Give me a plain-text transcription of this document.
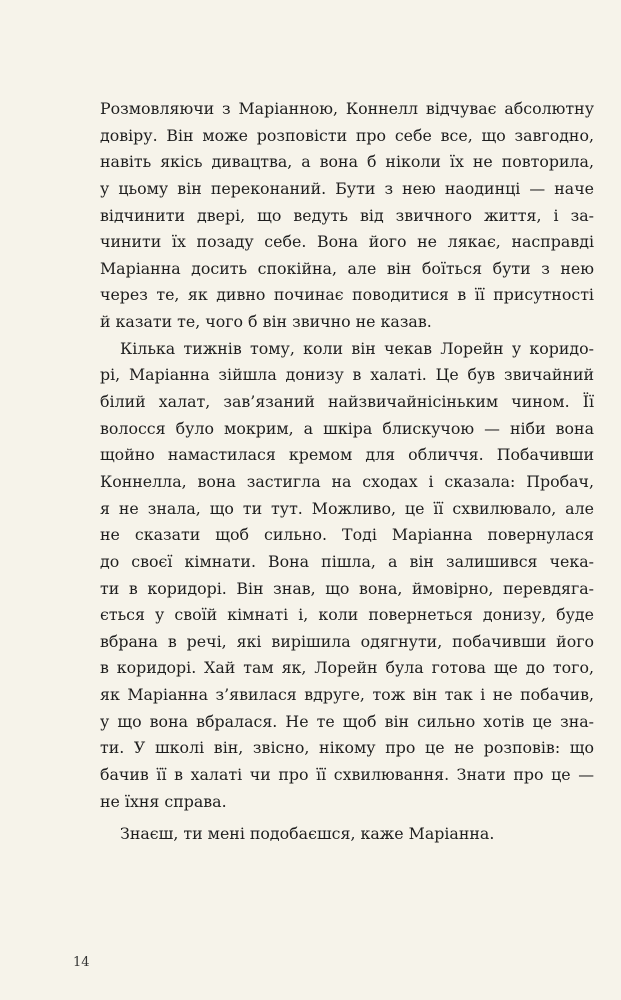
Розмовляючи з Маріанною, Коннелл відчуває абсолютну
довіру. Він може розповісти про себе все, що завгодно,
навіть якісь дивацтва, а вона б ніколи їх не повторила,
у цьому він переконаний. Бути з нею наодинці — наче
відчинити двері, що ведуть від звичного життя, і за-
чинити їх позаду себе. Вона його не лякає, насправді
Маріанна досить спокійна, але він боїться бути з нею
через те, як дивно починає поводитися в її присутності
й казати те, чого б він звично не казав.
Кілька тижнів тому, коли він чекав Лорейн у коридо-
рі, Маріанна зійшла донизу в халаті. Це був звичайний
білий халат, зав’язаний найзвичайнісіньким чином. Її
волосся було мокрим, а шкіра блискучою — ніби вона
щойно намастилася кремом для обличчя. Побачивши
Коннелла, вона застигла на сходах і сказала: Пробач,
я не знала, що ти тут. Можливо, це її схвилювало, але
не сказати щоб сильно. Тоді Маріанна повернулася
до своєї кімнати. Вона пішла, а він залишився чека-
ти в коридорі. Він знав, що вона, ймовірно, перевдяга-
ється у своїй кімнаті і, коли повернеться донизу, буде
вбрана в речі, які вирішила одягнути, побачивши його
в коридорі. Хай там як, Лорейн була готова ще до того,
як Маріанна з’явилася вдруге, тож він так і не побачив,
у що вона вбралася. Не те щоб він сильно хотів це зна-
ти. У школі він, звісно, нікому про це не розповів: що
бачив її в халаті чи про її схвилювання. Знати про це —
не їхня справа.
Знаєш, ти мені подобаєшся, каже Маріанна.
14
